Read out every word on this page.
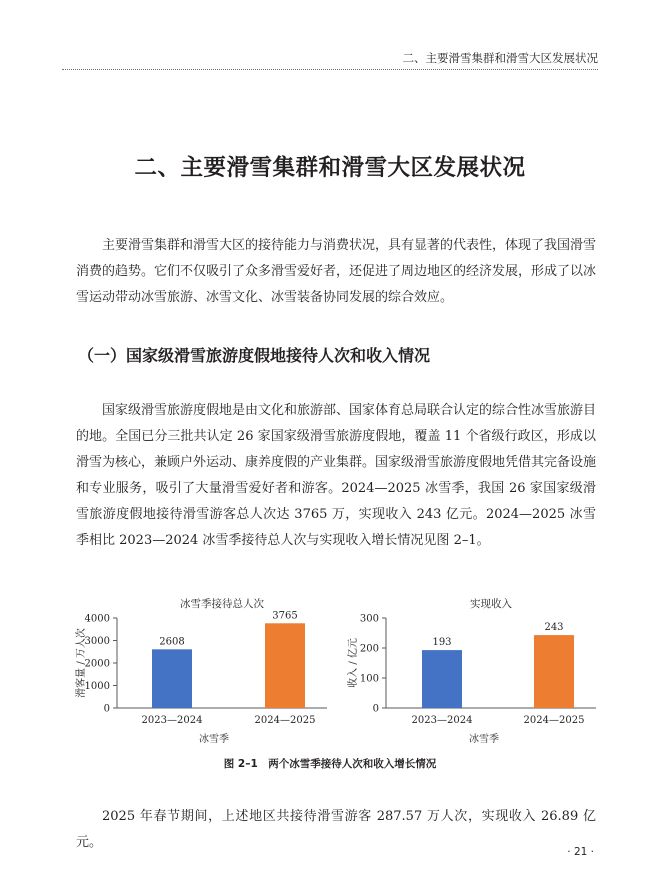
二、主要滑雪集群和滑雪大区发展状况
二、主要滑雪集群和滑雪大区发展状况

主要滑雪集群和滑雪大区的接待能力与消费状况，具有显著的代表性，体现了我国滑雪消费的趋势。它们不仅吸引了众多滑雪爱好者，还促进了周边地区的经济发展，形成了以冰雪运动带动冰雪旅游、冰雪文化、冰雪装备协同发展的综合效应。

（一）国家级滑雪旅游度假地接待人次和收入情况

国家级滑雪旅游度假地是由文化和旅游部、国家体育总局联合认定的综合性冰雪旅游目的地。全国已分三批共认定 26 家国家级滑雪旅游度假地，覆盖 11 个省级行政区，形成以滑雪为核心，兼顾户外运动、康养度假的产业集群。国家级滑雪旅游度假地凭借其完备设施和专业服务，吸引了大量滑雪爱好者和游客。2024—2025 冰雪季，我国 26 家国家级滑雪旅游度假地接待滑雪游客总人次达 3765 万，实现收入 243 亿元。2024—2025 冰雪季相比 2023—2024 冰雪季接待总人次与实现收入增长情况见图 2–1。

冰雪季接待总人次
0
1000
2000
3000
4000
2608
2023—2024
3765
2024—2025
冰雪季
滑客量 / 万人次
实现收入
0
100
200
300
193
2023—2024
243
2024—2025
冰雪季
收入 / 亿元
图 2–1　两个冰雪季接待人次和收入增长情况

2025 年春节期间，上述地区共接待滑雪游客 287.57 万人次，实现收入 26.89 亿元。

· 21 ·
